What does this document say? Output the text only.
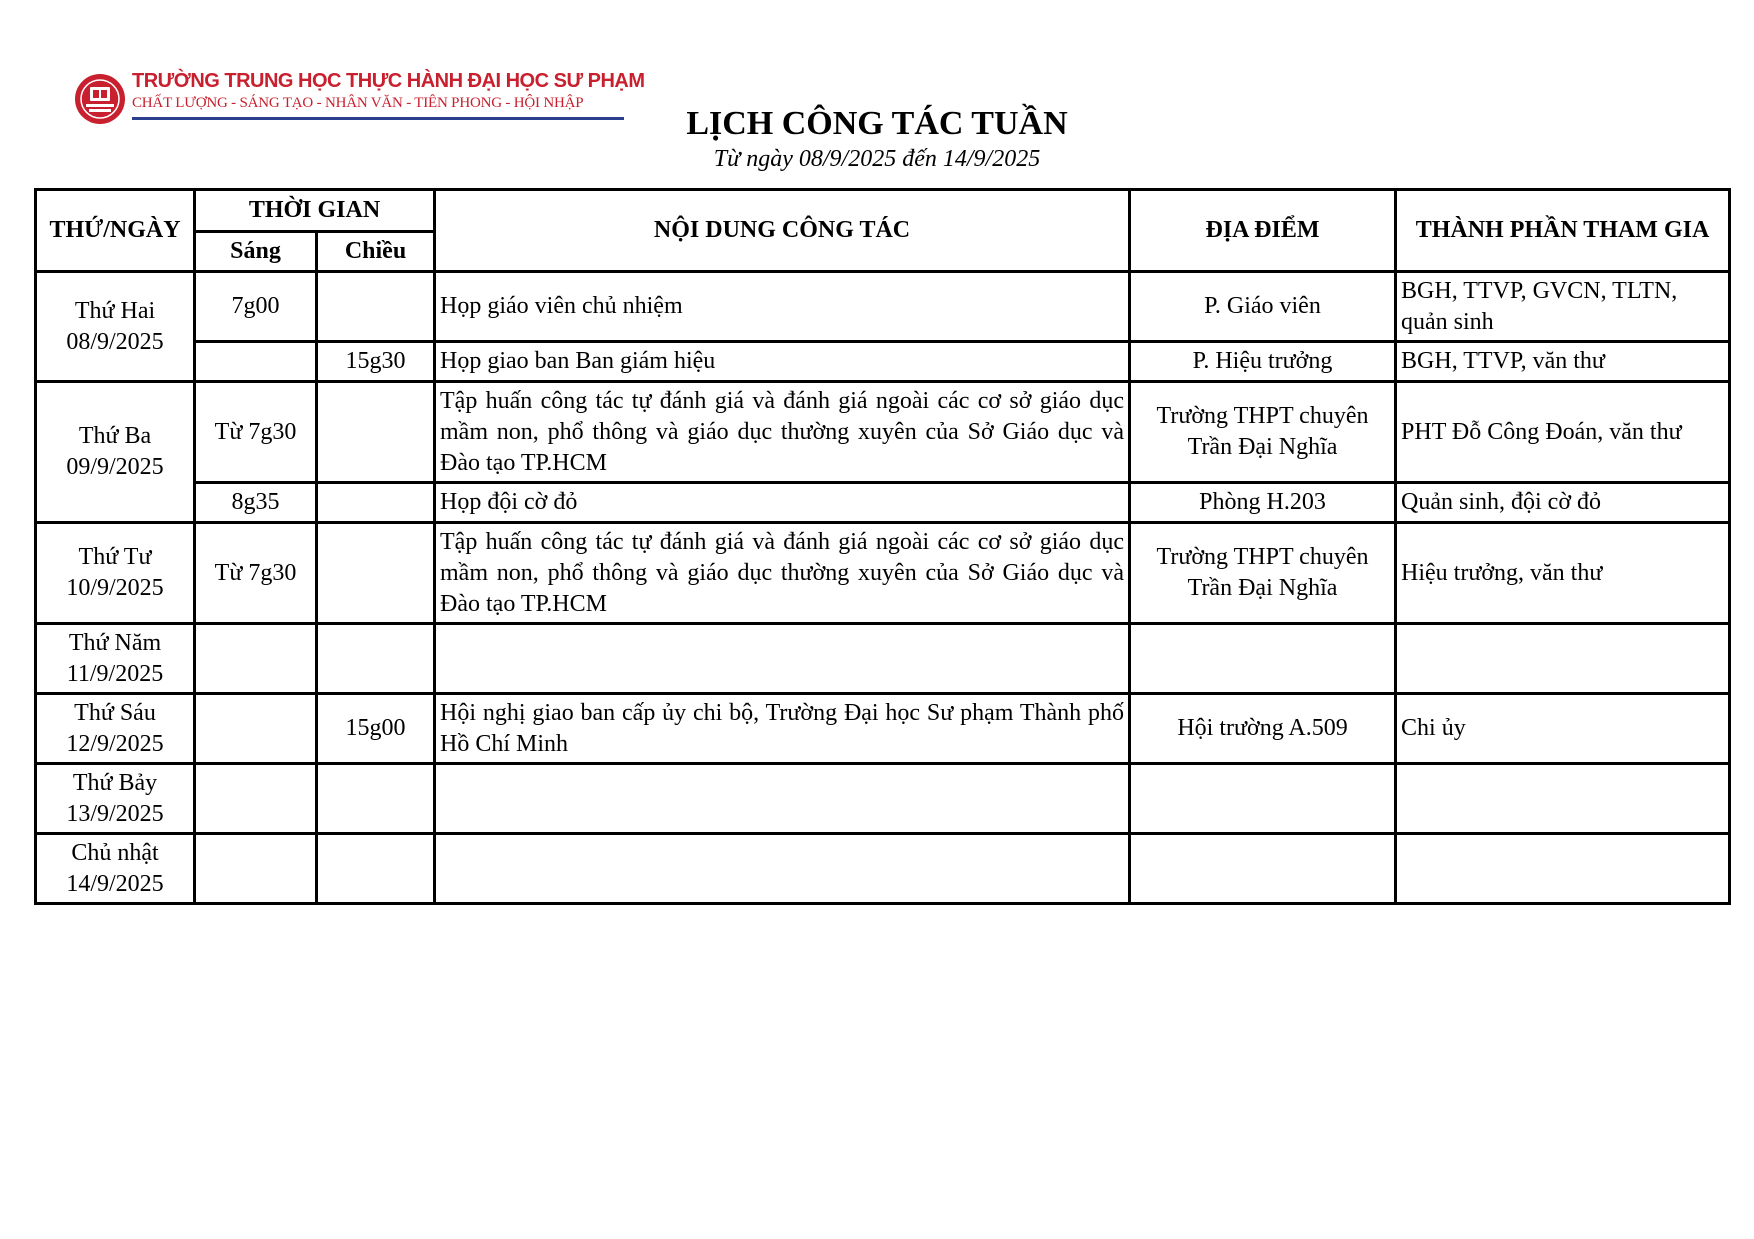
TRƯỜNG TRUNG HỌC THỰC HÀNH ĐẠI HỌC SƯ PHẠM
CHẤT LƯỢNG - SÁNG TẠO - NHÂN VĂN - TIÊN PHONG - HỘI NHẬP
LỊCH CÔNG TÁC TUẦN
Từ ngày 08/9/2025 đến 14/9/2025
THỨ/NGÀY	THỜI GIAN		NỘI DUNG CÔNG TÁC	ĐỊA ĐIỂM	THÀNH PHẦN THAM GIA
	Sáng	Chiều			

Thứ Hai
08/9/2025	7g00		Họp giáo viên chủ nhiệm	P. Giáo viên	BGH, TTVP, GVCN, TLTN, quản sinh
		15g30	Họp giao ban Ban giám hiệu	P. Hiệu trưởng	BGH, TTVP, văn thư

Thứ Ba
09/9/2025	Từ 7g30		Tập huấn công tác tự đánh giá và đánh giá ngoài các cơ sở giáo dục mầm non, phổ thông và giáo dục thường xuyên của Sở Giáo dục và Đào tạo TP.HCM	Trường THPT chuyên Trần Đại Nghĩa	PHT Đỗ Công Đoán, văn thư
	8g35		Họp đội cờ đỏ	Phòng H.203	Quản sinh, đội cờ đỏ

Thứ Tư
10/9/2025	Từ 7g30		Tập huấn công tác tự đánh giá và đánh giá ngoài các cơ sở giáo dục mầm non, phổ thông và giáo dục thường xuyên của Sở Giáo dục và Đào tạo TP.HCM	Trường THPT chuyên Trần Đại Nghĩa	Hiệu trưởng, văn thư

Thứ Năm
11/9/2025					

Thứ Sáu
12/9/2025		15g00	Hội nghị giao ban cấp ủy chi bộ, Trường Đại học Sư phạm Thành phố Hồ Chí Minh	Hội trường A.509	Chi ủy

Thứ Bảy
13/9/2025					

Chủ nhật
14/9/2025					
